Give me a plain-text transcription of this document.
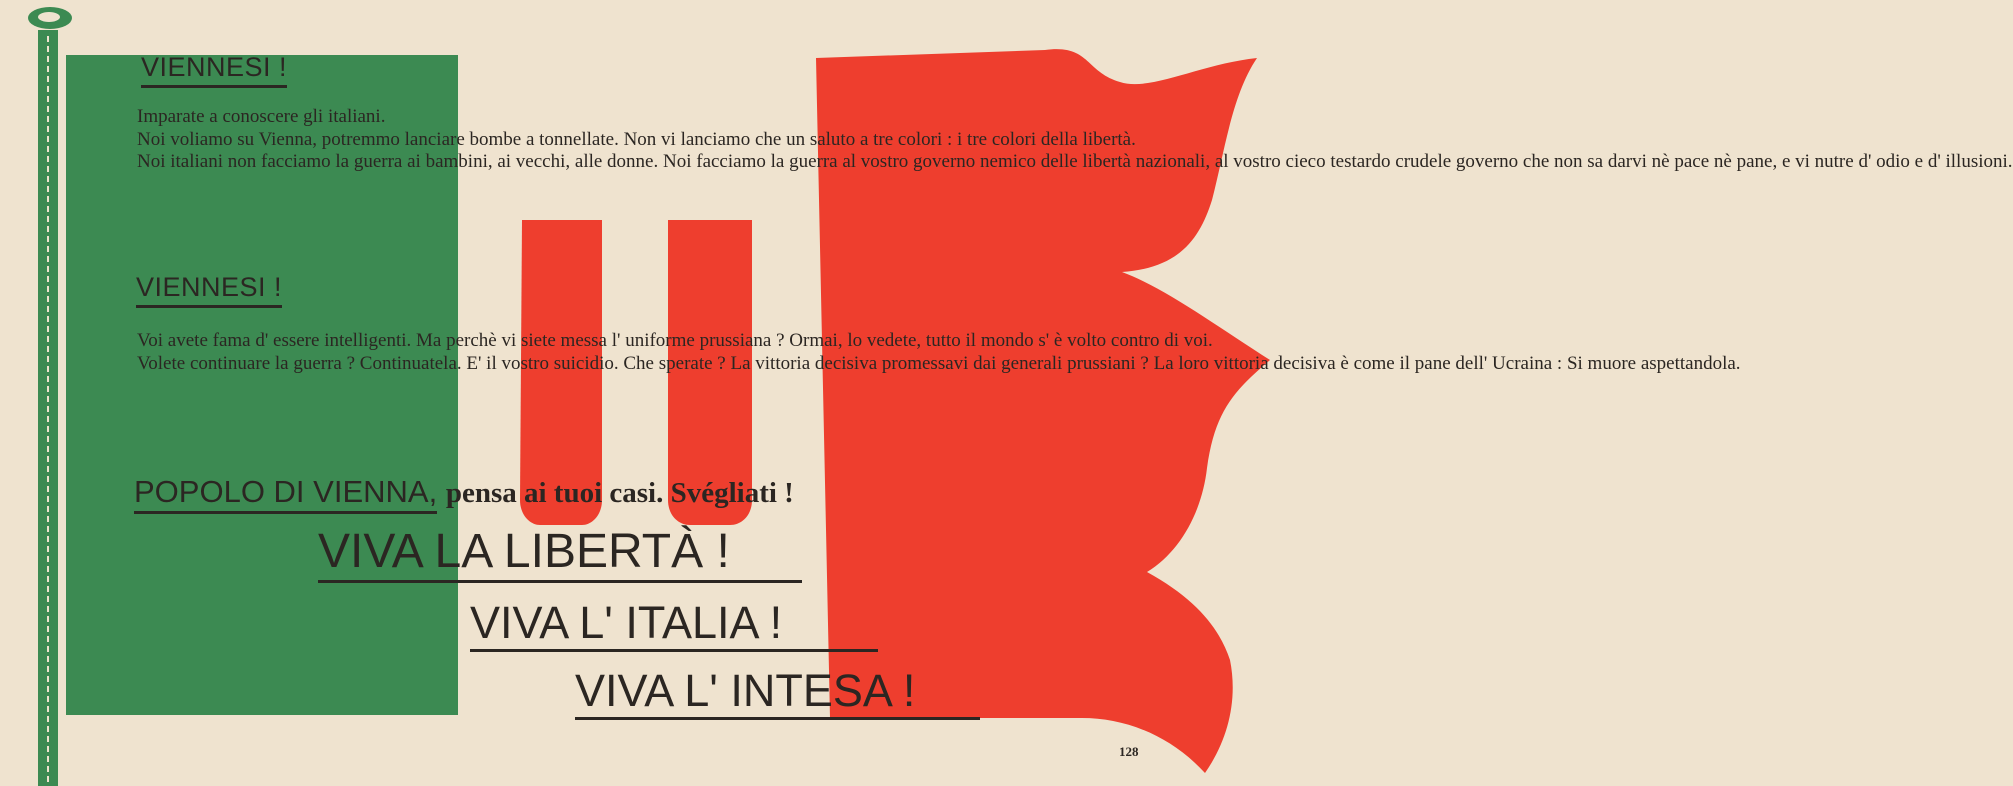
VIENNESI !

Imparate a conoscere gli italiani.

Noi voliamo su Vienna, potremmo lanciare bombe a tonnellate. Non vi lanciamo che un saluto a tre colori : i tre colori della libertà.

Noi italiani non facciamo la guerra ai bambini, ai vecchi, alle donne. Noi facciamo la guerra al vostro governo nemico delle libertà nazionali, al vostro cieco testardo crudele governo che non sa darvi nè pace nè pane, e vi nutre d' odio e d' illusioni.

VIENNESI !

Voi avete fama d' essere intelligenti. Ma perchè vi siete messa l' uniforme prussiana ? Ormai, lo vedete, tutto il mondo s' è volto contro di voi.

Volete continuare la guerra ? Continuatela. E' il vostro suicidio. Che sperate ? La vittoria decisiva promessavi dai generali prussiani ? La loro vittoria decisiva è come il pane dell' Ucraina : Si muore aspettandola.

POPOLO DI VIENNA, pensa ai tuoi casi. Svégliati !
VIVA LA LIBERTÀ !
VIVA L' ITALIA !
VIVA L' INTESA !
128
